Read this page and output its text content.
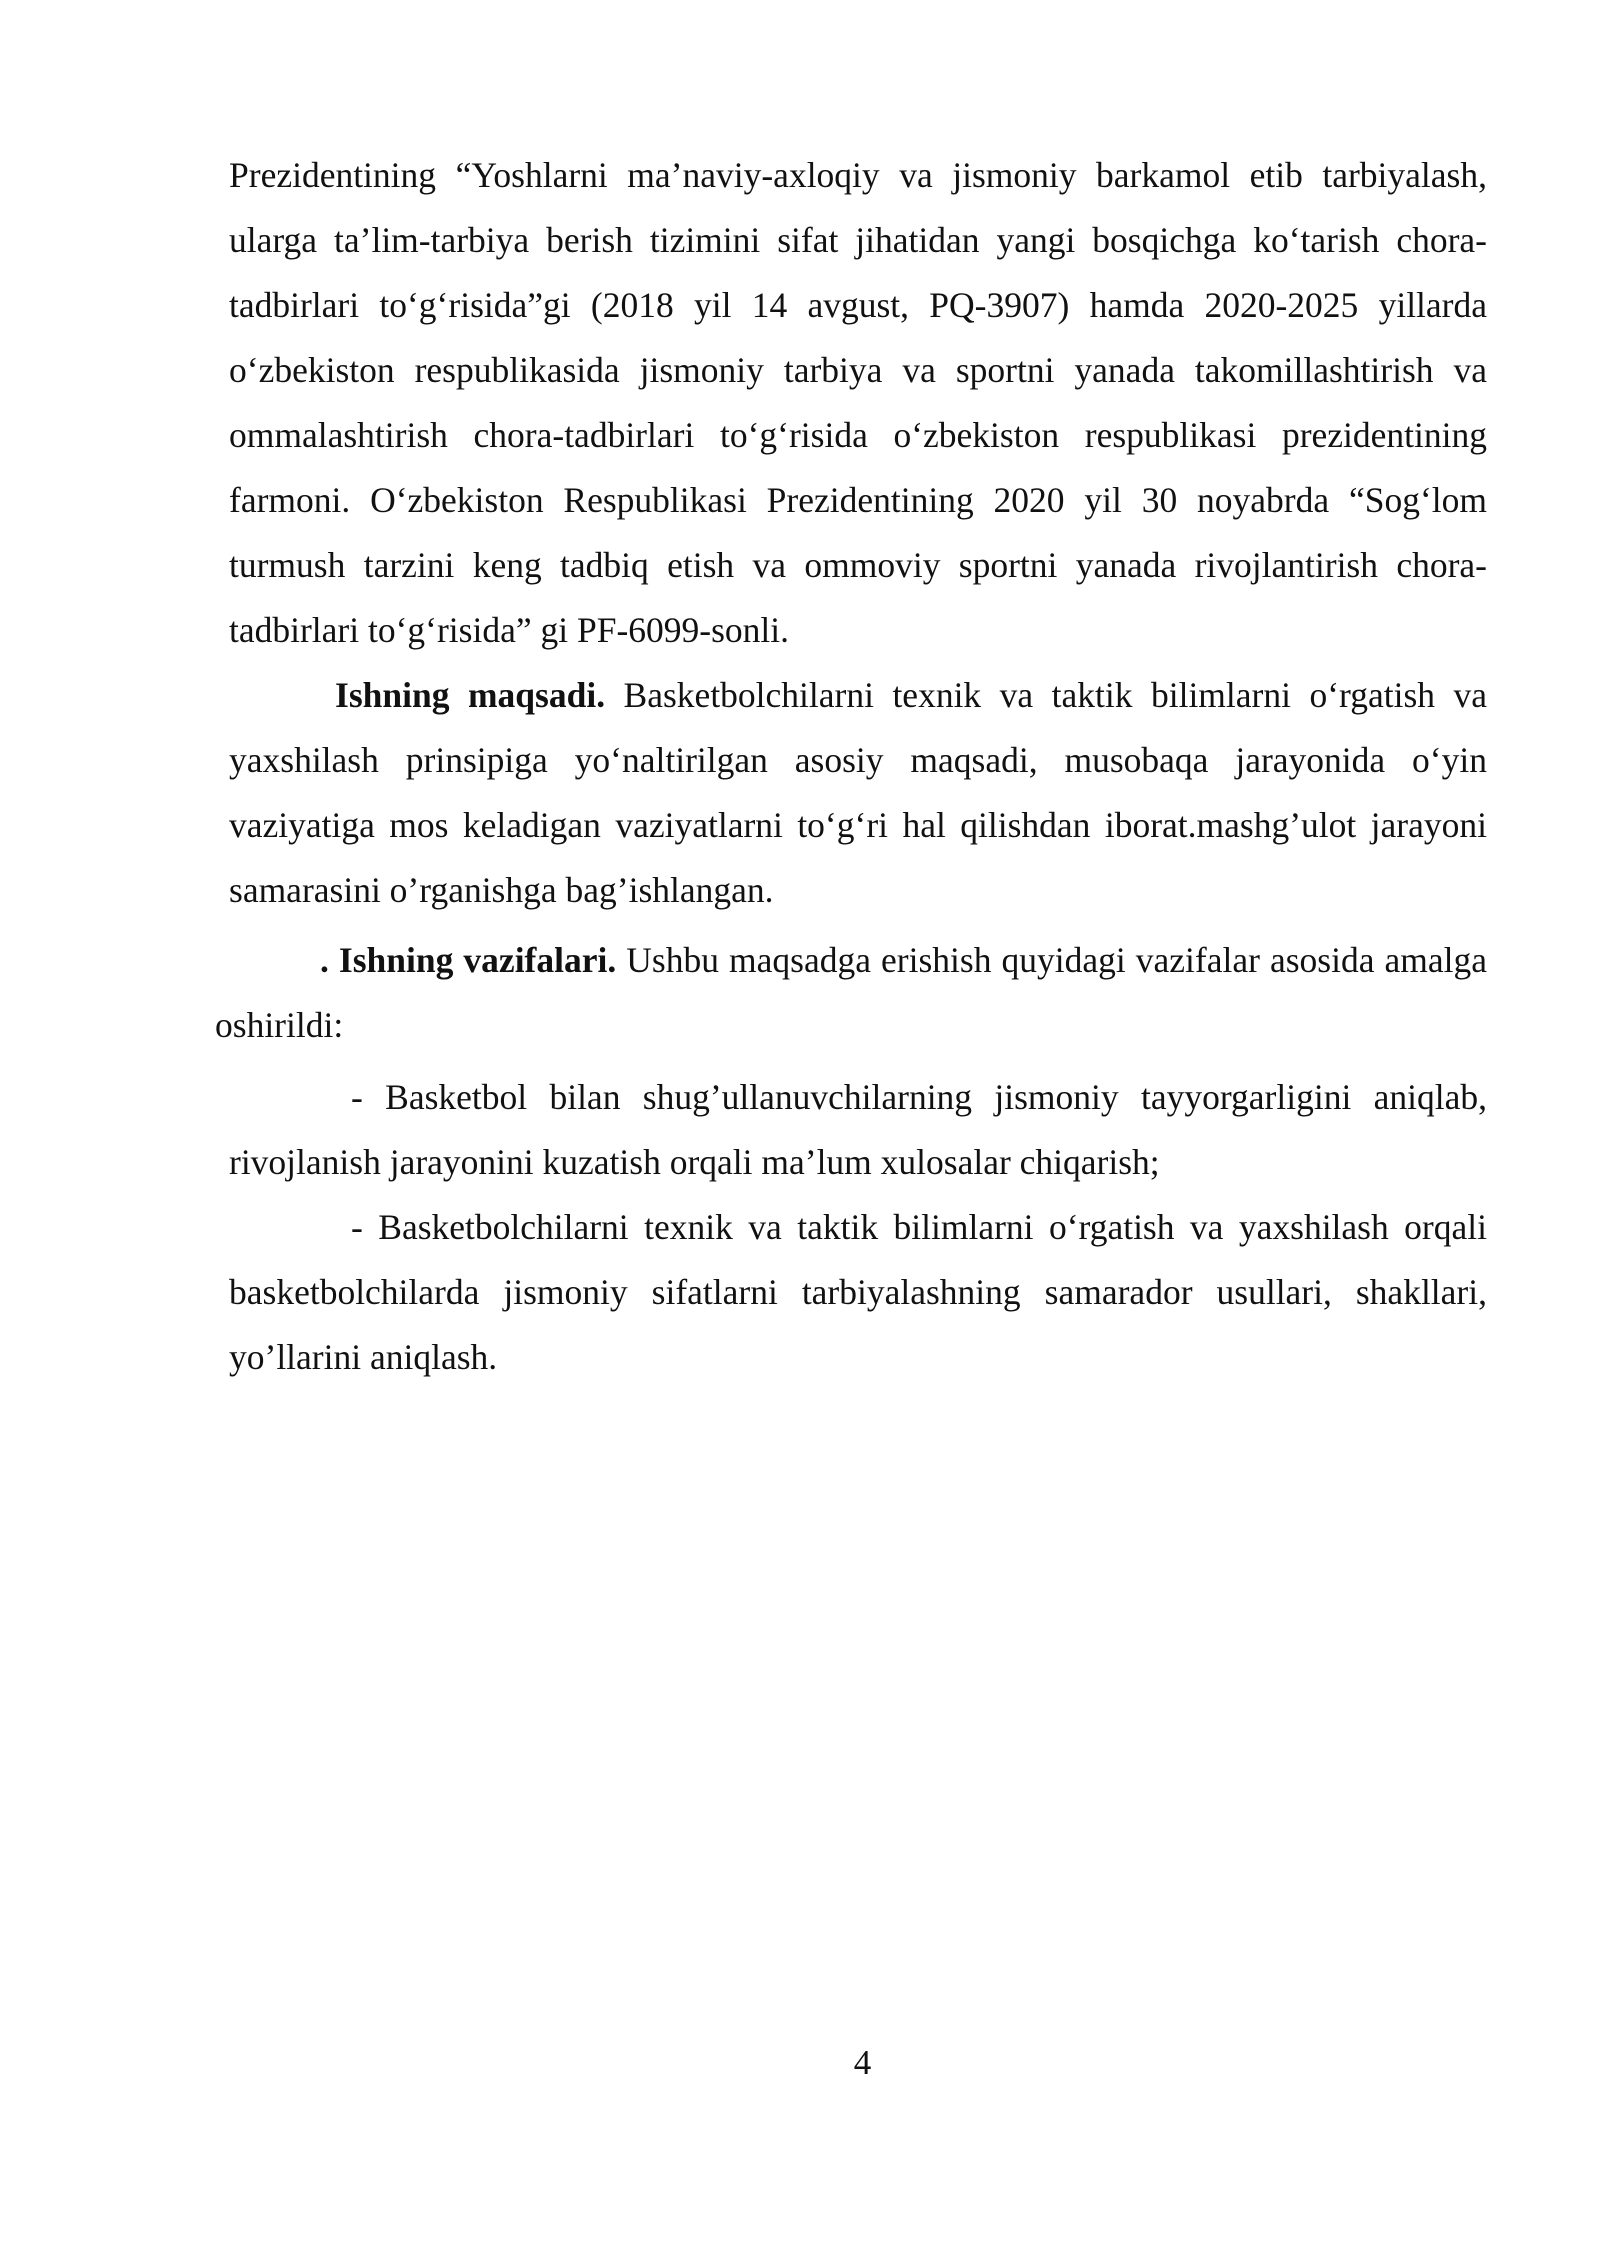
Prezidentining “Yoshlarni ma’naviy-axloqiy va jismoniy barkamol etib tarbiyalash, ularga ta’lim-tarbiya berish tizimini sifat jihatidan yangi bosqichga ko‘tarish chora-tadbirlari to‘g‘risida”gi (2018 yil 14 avgust, PQ-3907) hamda 2020-2025 yillarda o‘zbekiston respublikasida jismoniy tarbiya va sportni yanada takomillashtirish va ommalashtirish chora-tadbirlari to‘g‘risida o‘zbekiston respublikasi prezidentining farmoni. O‘zbekiston Respublikasi Prezidentining 2020 yil 30 noyabrda “Sog‘lom turmush tarzini keng tadbiq etish va ommoviy sportni yanada rivojlantirish chora-tadbirlari to‘g‘risida” gi PF-6099-sonli.

Ishning maqsadi. Basketbolchilarni texnik va taktik bilimlarni o‘rgatish va yaxshilash prinsipiga yo‘naltirilgan asosiy maqsadi, musobaqa jarayonida o‘yin vaziyatiga mos keladigan vaziyatlarni to‘g‘ri hal qilishdan iborat.mashg’ulot jarayoni samarasini o’rganishga bag’ishlangan.

. Ishning vazifalari. Ushbu maqsadga erishish quyidagi vazifalar asosida amalga oshirildi:

- Basketbol bilan shug’ullanuvchilarning jismoniy tayyorgarligini aniqlab, rivojlanish jarayonini kuzatish orqali ma’lum xulosalar chiqarish;

- Basketbolchilarni texnik va taktik bilimlarni o‘rgatish va yaxshilash orqali basketbolchilarda jismoniy sifatlarni tarbiyalashning samarador usullari, shakllari, yo’llarini aniqlash.

4
